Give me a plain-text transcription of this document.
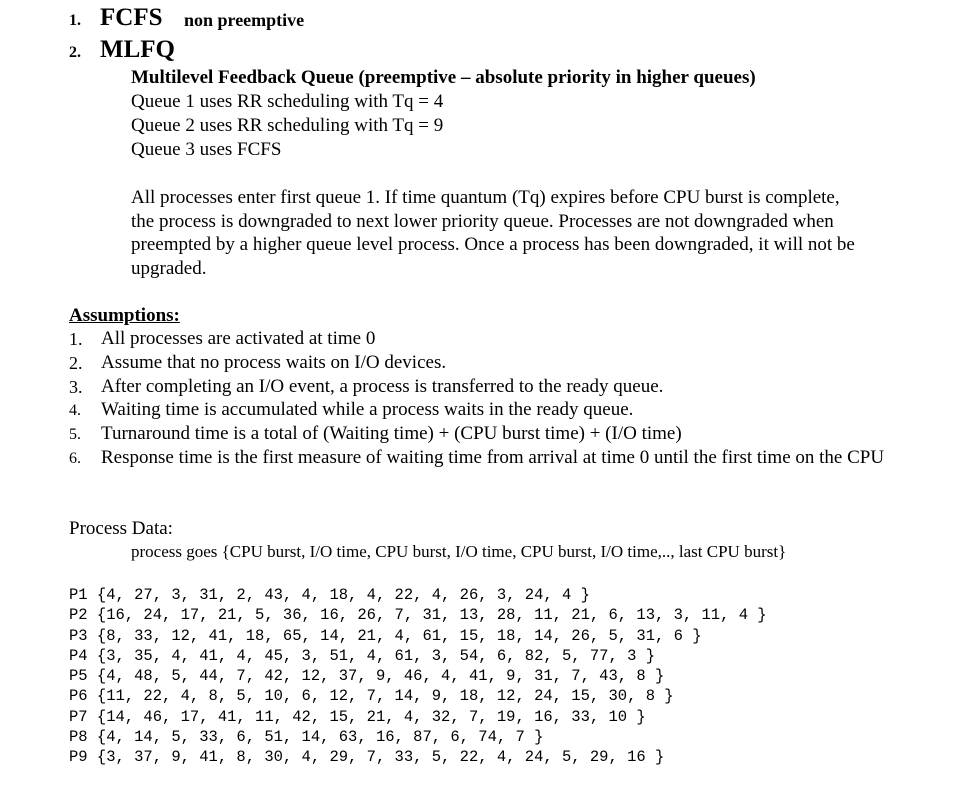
1. FCFS non preemptive
2. MLFQ
Multilevel Feedback Queue (preemptive – absolute priority in higher queues)
Queue 1 uses RR scheduling with Tq = 4
Queue 2 uses RR scheduling with Tq = 9
Queue 3 uses FCFS
All processes enter first queue 1. If time quantum (Tq) expires before CPU burst is complete, the process is downgraded to next lower priority queue. Processes are not downgraded when preempted by a higher queue level process. Once a process has been downgraded, it will not be upgraded.
Assumptions:
1. All processes are activated at time 0
2. Assume that no process waits on I/O devices.
3. After completing an I/O event, a process is transferred to the ready queue.
4. Waiting time is accumulated while a process waits in the ready queue.
5. Turnaround time is a total of (Waiting time) + (CPU burst time) + (I/O time)
6. Response time is the first measure of waiting time from arrival at time 0 until the first time on the CPU
Process Data:
process goes {CPU burst, I/O time, CPU burst, I/O time, CPU burst, I/O time,.., last CPU burst}
P1 {4, 27, 3, 31, 2, 43, 4, 18, 4, 22, 4, 26, 3, 24, 4 }
P2 {16, 24, 17, 21, 5, 36, 16, 26, 7, 31, 13, 28, 11, 21, 6, 13, 3, 11, 4 }
P3 {8, 33, 12, 41, 18, 65, 14, 21, 4, 61, 15, 18, 14, 26, 5, 31, 6 }
P4 {3, 35, 4, 41, 4, 45, 3, 51, 4, 61, 3, 54, 6, 82, 5, 77, 3 }
P5 {4, 48, 5, 44, 7, 42, 12, 37, 9, 46, 4, 41, 9, 31, 7, 43, 8 }
P6 {11, 22, 4, 8, 5, 10, 6, 12, 7, 14, 9, 18, 12, 24, 15, 30, 8 }
P7 {14, 46, 17, 41, 11, 42, 15, 21, 4, 32, 7, 19, 16, 33, 10 }
P8 {4, 14, 5, 33, 6, 51, 14, 63, 16, 87, 6, 74, 7 }
P9 {3, 37, 9, 41, 8, 30, 4, 29, 7, 33, 5, 22, 4, 24, 5, 29, 16 }
